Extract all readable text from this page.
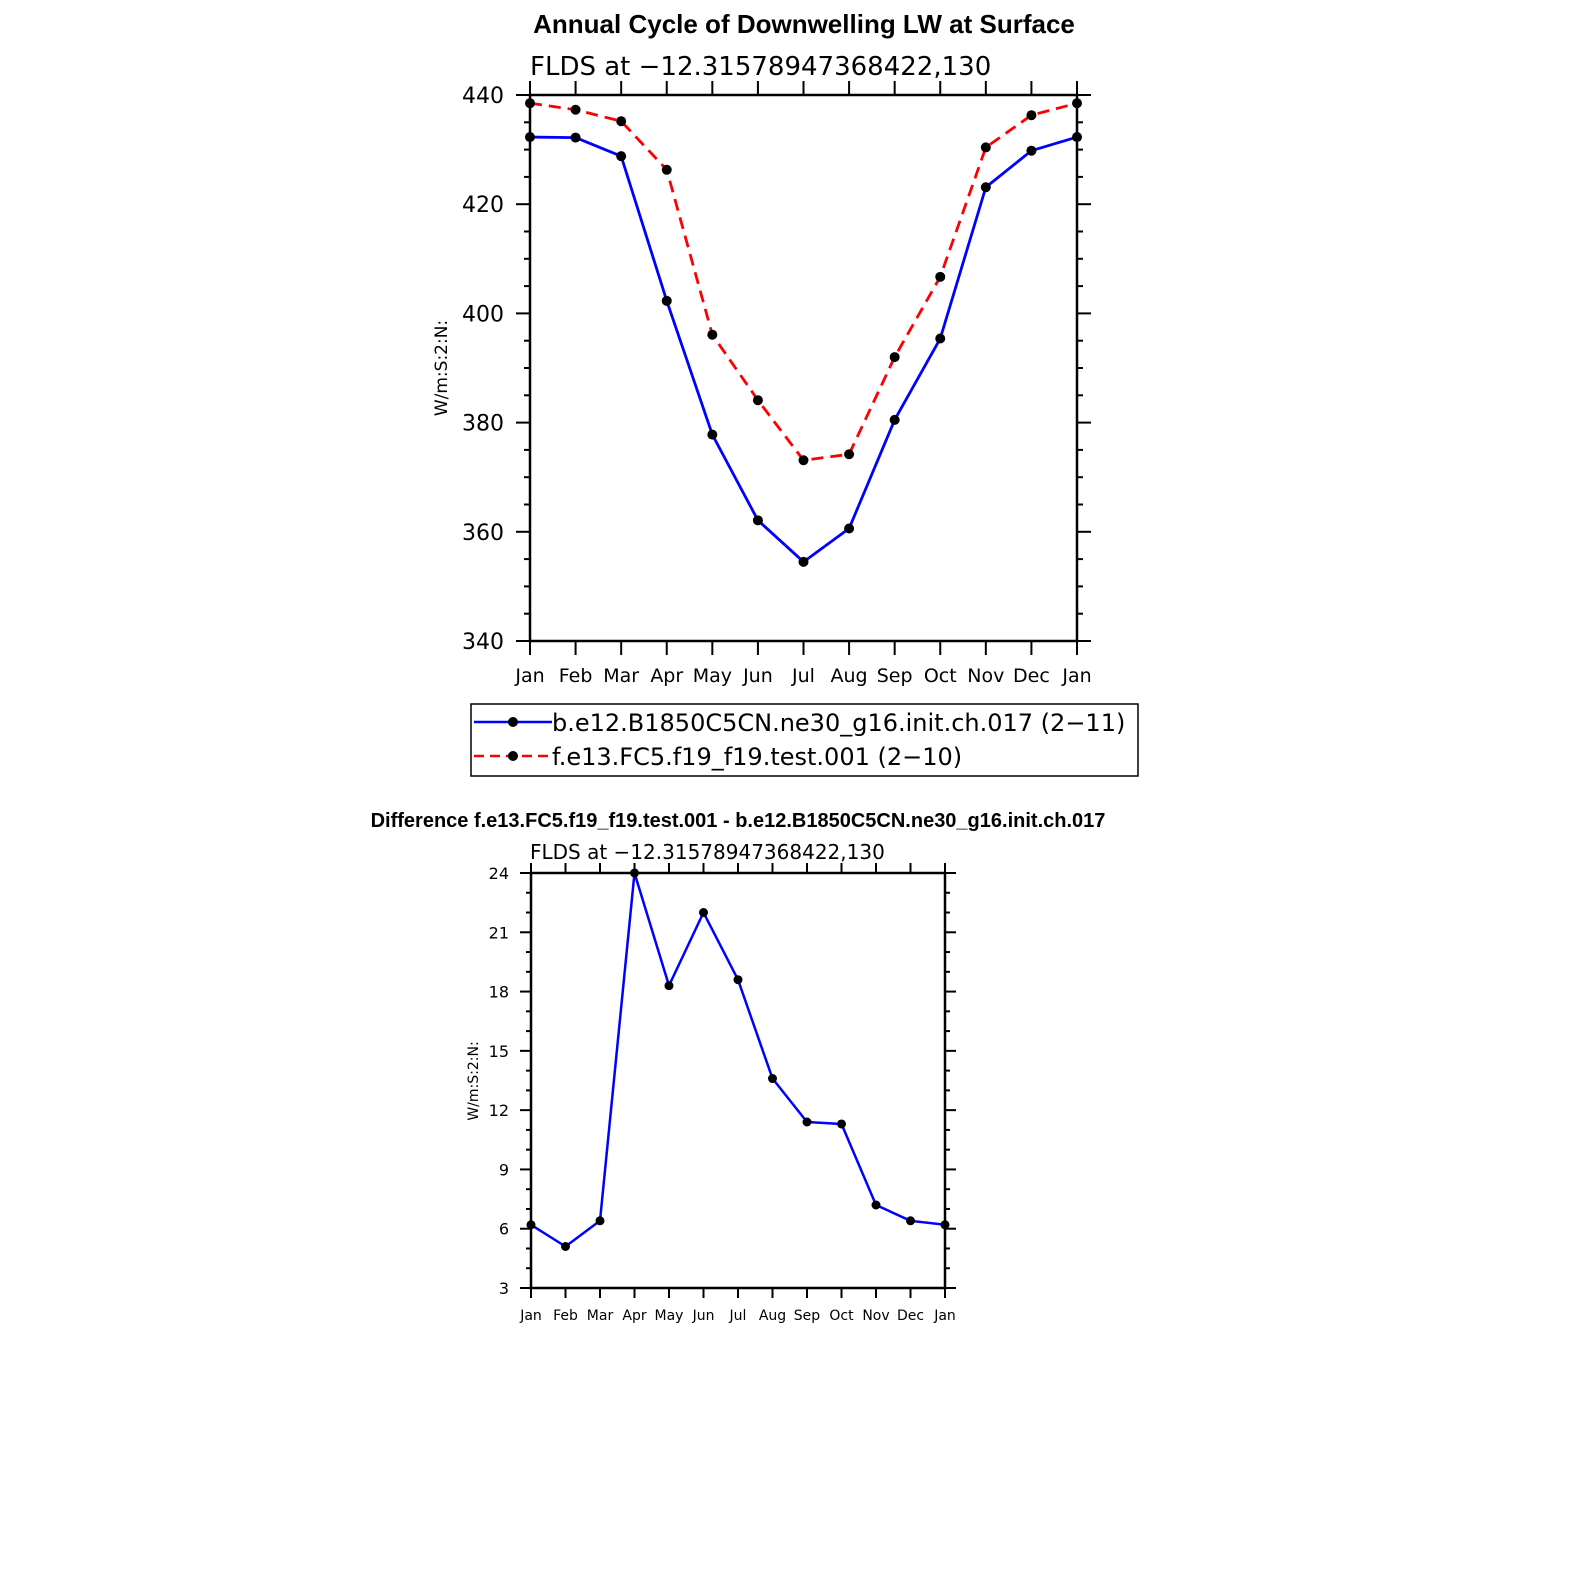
Annual Cycle of Downwelling LW at Surface
FLDS at −12.31578947368422,130
W/m:S:2:N:
Jan Feb Mar Apr May Jun Jul Aug Sep Oct Nov Dec Jan
340
360
380
400
420
440
b.e12.B1850C5CN.ne30_g16.init.ch.017 (2−11)
f.e13.FC5.f19_f19.test.001 (2−10)
Difference f.e13.FC5.f19_f19.test.001 - b.e12.B1850C5CN.ne30_g16.init.ch.017
FLDS at −12.31578947368422,130
W/m:S:2:N:
Jan Feb Mar Apr May Jun Jul Aug Sep Oct Nov Dec Jan
3
6
9
12
15
18
21
24
